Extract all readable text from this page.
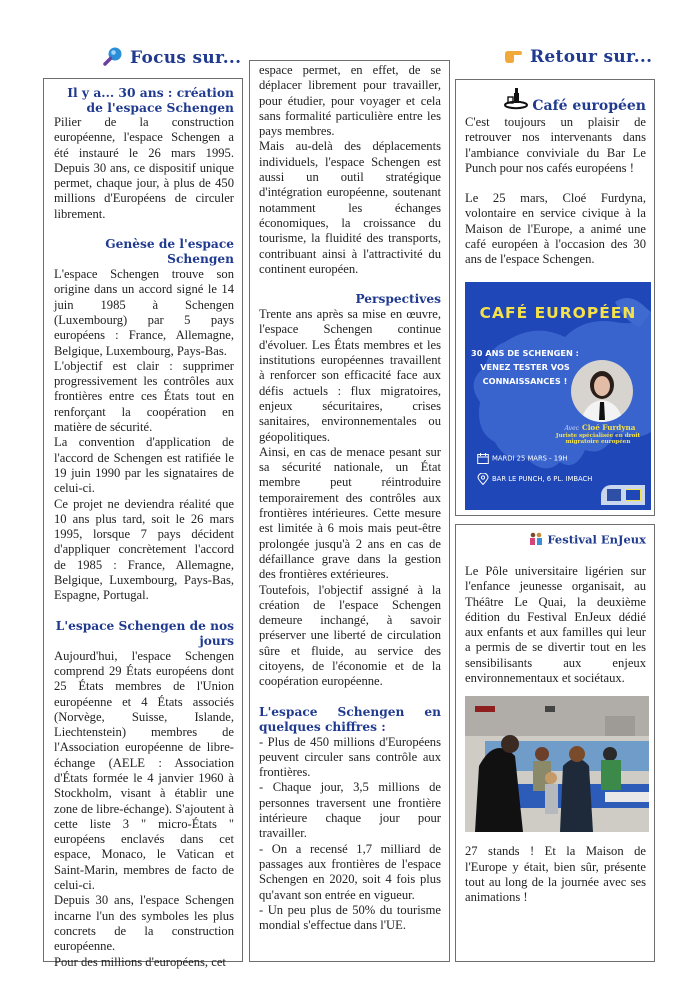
Focus sur...	Retour sur...

Il y a... 30 ans : création de l'espace Schengen

Pilier de la construction européenne, l'espace Schengen a été instauré le 26 mars 1995. Depuis 30 ans, ce dispositif unique permet, chaque jour, à plus de 450 millions d'Européens de circuler librement.

Genèse de l'espace Schengen

L'espace Schengen trouve son origine dans un accord signé le 14 juin 1985 à Schengen (Luxembourg) par 5 pays européens : France, Allemagne, Belgique, Luxembourg, Pays-Bas.

L'objectif est clair : supprimer progressivement les contrôles aux frontières entre ces États tout en renforçant la coopération en matière de sécurité.

La convention d'application de l'accord de Schengen est ratifiée le 19 juin 1990 par les signataires de celui-ci.

Ce projet ne deviendra réalité que 10 ans plus tard, soit le 26 mars 1995, lorsque 7 pays décident d'appliquer concrètement l'accord de 1985 : France, Allemagne, Belgique, Luxembourg, Pays-Bas, Espagne, Portugal.

L'espace Schengen de nos jours

Aujourd'hui, l'espace Schengen comprend 29 États européens dont 25 États membres de l'Union européenne et 4 États associés (Norvège, Suisse, Islande, Liechtenstein) membres de l'Association européenne de libre-échange (AELE : Association d'États formée le 4 janvier 1960 à Stockholm, visant à établir une zone de libre-échange). S'ajoutent à cette liste 3 " micro-États " européens enclavés dans cet espace, Monaco, le Vatican et Saint-Marin, membres de facto de celui-ci.

Depuis 30 ans, l'espace Schengen incarne l'un des symboles les plus concrets de la construction européenne.

Pour des millions d'européens, cet

espace permet, en effet, de se déplacer librement pour travailler, pour étudier, pour voyager et cela sans formalité particulière entre les pays membres.

Mais au-delà des déplacements individuels, l'espace Schengen est aussi un outil stratégique d'intégration européenne, soutenant notamment les échanges économiques, la croissance du tourisme, la fluidité des transports, contribuant ainsi à l'attractivité du continent européen.

Perspectives

Trente ans après sa mise en œuvre, l'espace Schengen continue d'évoluer. Les États membres et les institutions européennes travaillent à renforcer son efficacité face aux défis actuels : flux migratoires, enjeux sécuritaires, crises sanitaires, environnementales ou géopolitiques.

Ainsi, en cas de menace pesant sur sa sécurité nationale, un État membre peut réintroduire temporairement des contrôles aux frontières intérieures. Cette mesure est limitée à 6 mois mais peut-être prolongée jusqu'à 2 ans en cas de défaillance grave dans la gestion des frontières extérieures.

Toutefois, l'objectif assigné à la création de l'espace Schengen demeure inchangé, à savoir préserver une liberté de circulation sûre et fluide, au service des citoyens, de l'économie et de la coopération européenne.

L'espace Schengen en quelques chiffres :

- Plus de 450 millions d'Européens peuvent circuler sans contrôle aux frontières.
- Chaque jour, 3,5 millions de personnes traversent une frontière intérieure chaque jour pour travailler.
- On a recensé 1,7 milliard de passages aux frontières de l'espace Schengen en 2020, soit 4 fois plus qu'avant son entrée en vigueur.
- Un peu plus de 50% du tourisme mondial s'effectue dans l'UE.
Café européen

C'est toujours un plaisir de retrouver nos intervenants dans l'ambiance conviviale du Bar Le Punch pour nos cafés européens !

Le 25 mars, Cloé Furdyna, volontaire en service civique à la Maison de l'Europe, a animé une café européen à l'occasion des 30 ans de l'espace Schengen.

CAFÉ EUROPÉEN
30 ANS DE SCHENGEN :
VENEZ TESTER VOS
CONNAISSANCES !
Avec Cloé Furdyna
Juriste spécialisée en droit
migratoire européen
MARDI 25 MARS - 19H
BAR LE PUNCH, 6 PL. IMBACH
Festival EnJeux

Le Pôle universitaire ligérien sur l'enfance jeunesse organisait, au Théâtre Le Quai, la deuxième édition du Festival EnJeux dédié aux enfants et aux familles qui leur a permis de se divertir tout en les sensibilisants aux enjeux environnementaux et sociétaux.

27 stands ! Et la Maison de l'Europe y était, bien sûr, présente tout au long de la journée avec ses animations !
